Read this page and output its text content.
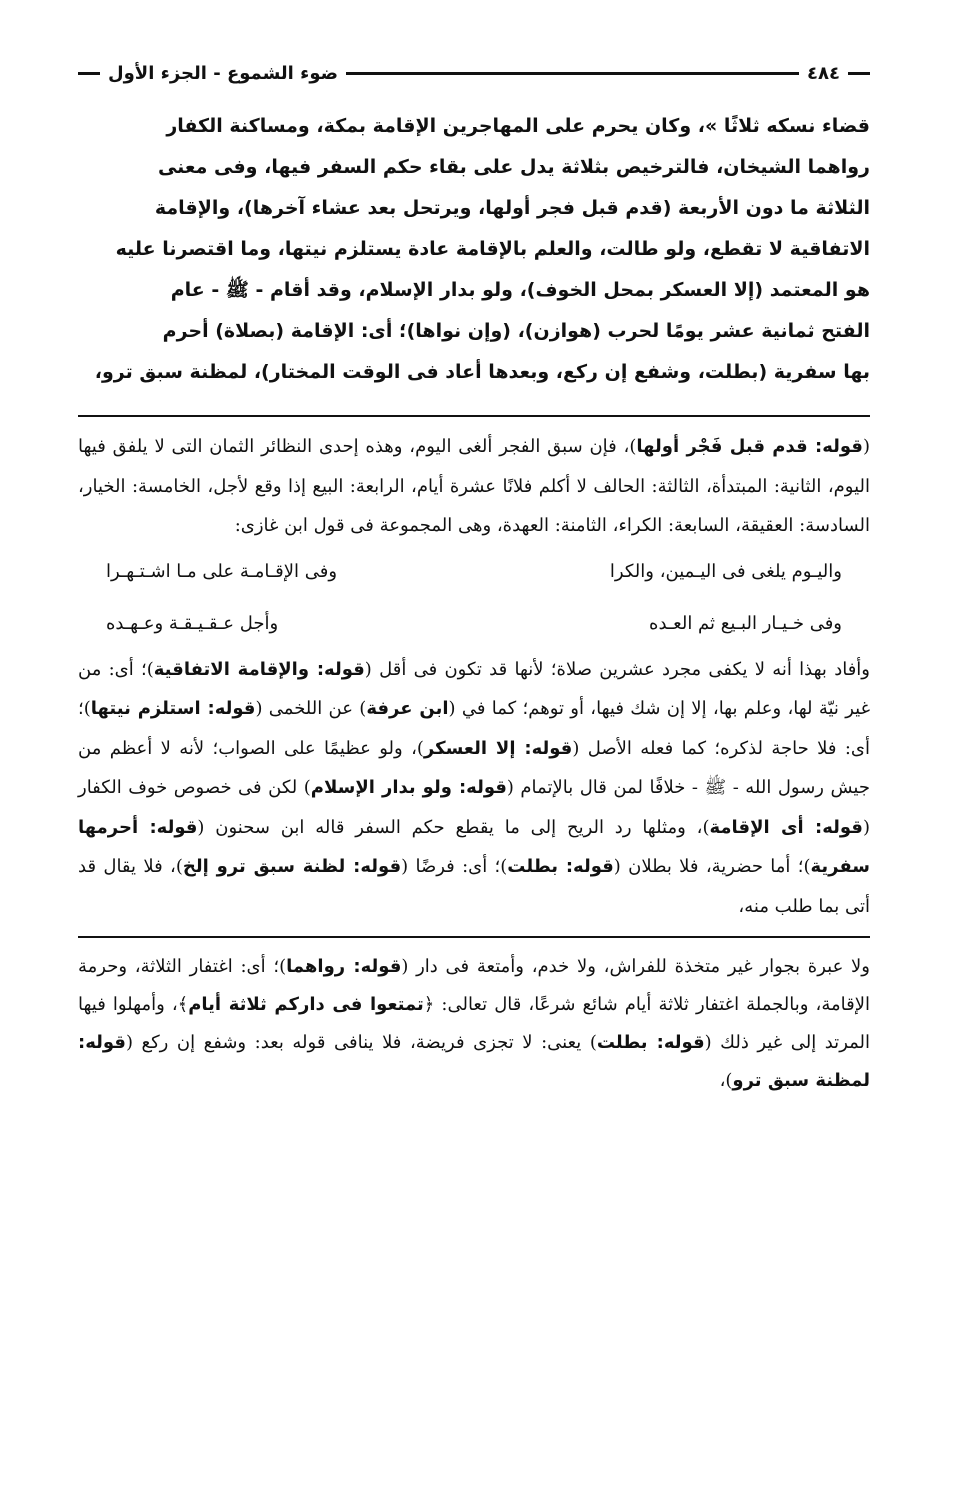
٤٨٤
ضوء الشموع - الجزء الأول

قضاء نسكه ثلاثًا »، وكان يحرم على المهاجرين الإقامة بمكة، ومساكنة الكفار

رواهما الشيخان، فالترخيص بثلاثة يدل على بقاء حكم السفر فيها، وفى معنى

الثلاثة ما دون الأربعة (قدم قبل فجر أولها، ويرتحل بعد عشاء آخرها)، والإقامة

الاتفاقية لا تقطع، ولو طالت، والعلم بالإقامة عادة يستلزم نيتها، وما اقتصرنا عليه

هو المعتمد (إلا العسكر بمحل الخوف)، ولو بدار الإسلام، وقد أقام - ﷺ - عام

الفتح ثمانية عشر يومًا لحرب (هوازن)، (وإن نواها)؛ أى: الإقامة (بصلاة) أحرم

بها سفرية (بطلت، وشفع إن ركع، وبعدها أعاد فى الوقت المختار)، لمظنة سبق ترو،

(قوله: قدم قبل فَجْر أولها)، فإن سبق الفجر ألغى اليوم، وهذه إحدى النظائر الثمان التى لا يلفق فيها اليوم، الثانية: المبتدأة، الثالثة: الحالف لا أكلم فلانًا عشرة أيام، الرابعة: البيع إذا وقع لأجل، الخامسة: الخيار، السادسة: العقيقة، السابعة: الكراء، الثامنة: العهدة، وهى المجموعة فى قول ابن غازى:

واليـوم يلغى فى اليـمين، والكرا
وفى الإقـامـة على مـا اشـتـهـرا
وفى خـيـار البـيع ثم العـده
وأجل عـقـيـقـة وعـهـده

وأفاد بهذا أنه لا يكفى مجرد عشرين صلاة؛ لأنها قد تكون فى أقل (قوله: والإقامة الاتفاقية)؛ أى: من غير نيّة لها، وعلم بها، إلا إن شك فيها، أو توهم؛ كما في (ابن عرفة) عن اللخمى (قوله: استلزم نيتها)؛ أى: فلا حاجة لذكره؛ كما فعله الأصل (قوله: إلا العسكر)، ولو عظيمًا على الصواب؛ لأنه لا أعظم من جيش رسول الله - ﷺ - خلافًا لمن قال بالإتمام (قوله: ولو بدار الإسلام) لكن فى خصوص خوف الكفار (قوله: أى الإقامة)، ومثلها رد الريح إلى ما يقطع حكم السفر قاله ابن سحنون (قوله: أحرمها سفرية)؛ أما حضرية، فلا بطلان (قوله: بطلت)؛ أى: فرضًا (قوله: لظنة سبق ترو إلخ)، فلا يقال قد أتى بما طلب منه،

ولا عبرة بجوار غير متخذة للفراش، ولا خدم، وأمتعة فى دار (قوله: رواهما)؛ أى: اغتفار الثلاثة، وحرمة الإقامة، وبالجملة اغتفار ثلاثة أيام شائع شرعًا، قال تعالى: ﴿تمتعوا فى داركم ثلاثة أيام﴾، وأمهلوا فيها المرتد إلى غير ذلك (قوله: بطلت) يعنى: لا تجزى فريضة، فلا ينافى قوله بعد: وشفع إن ركع (قوله: لمظنة سبق ترو)،
